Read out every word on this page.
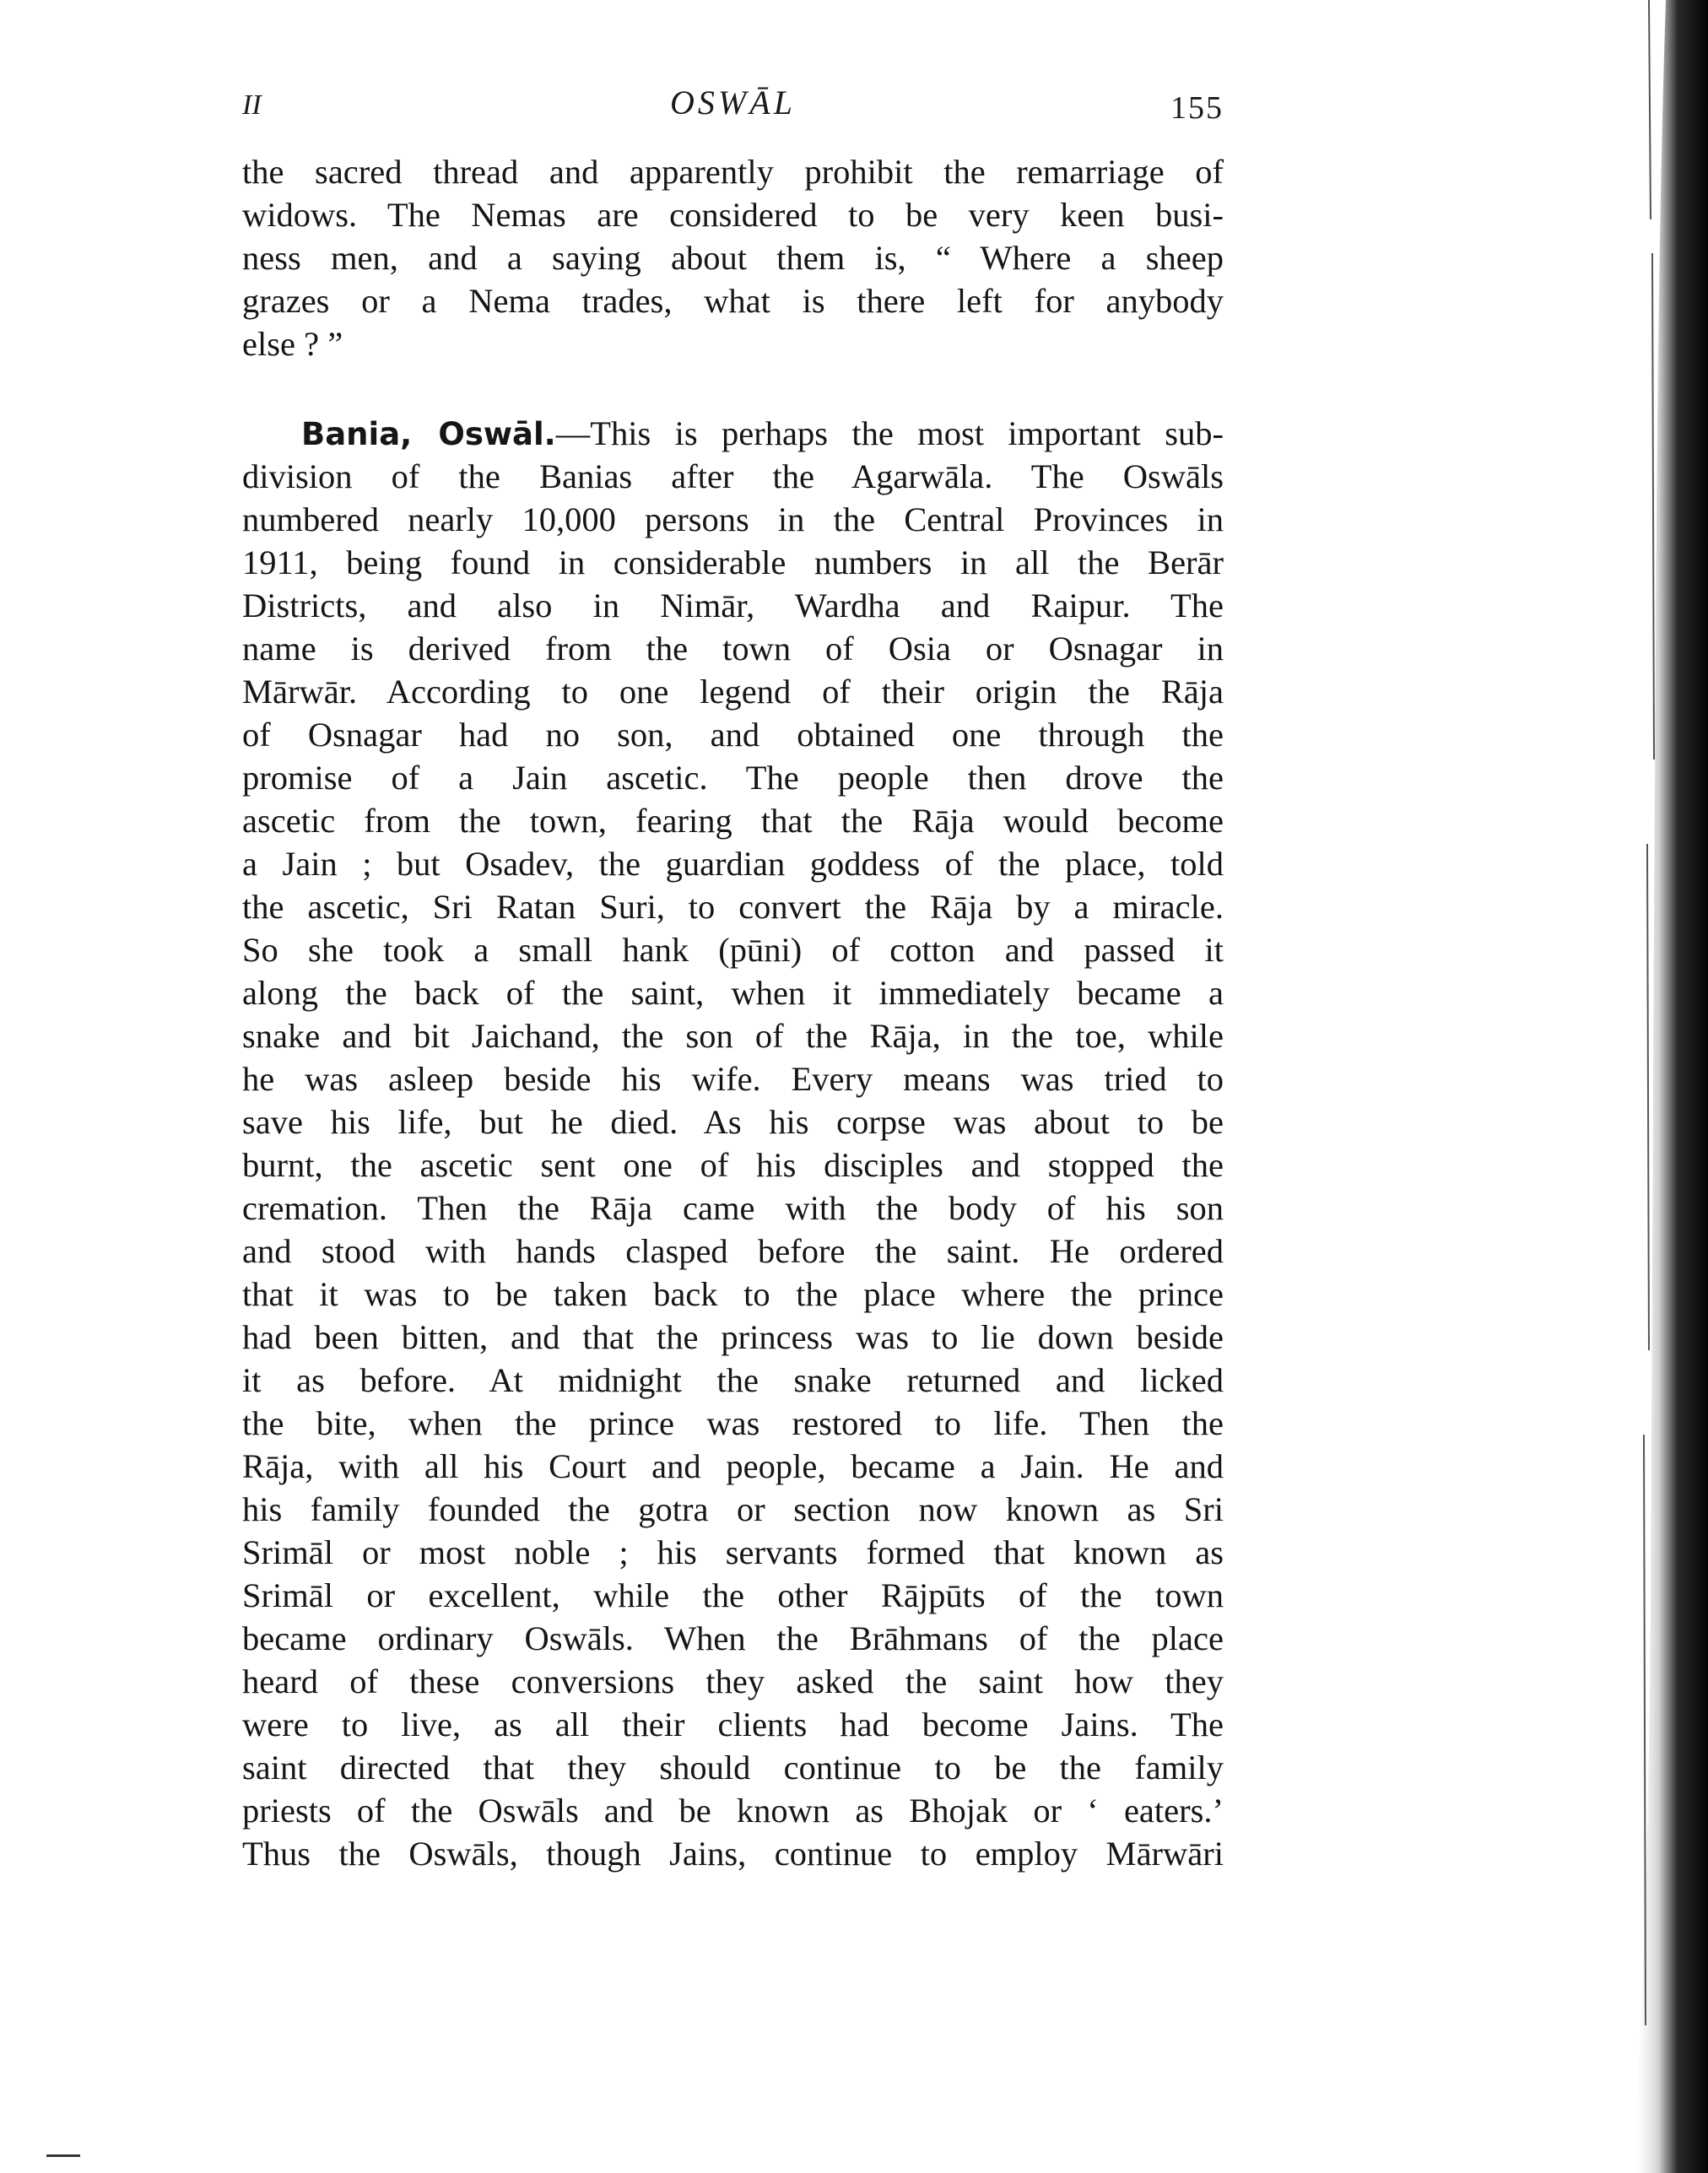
II	OSWĀL	155
the sacred thread and apparently prohibit the remarriage of
widows. The Nemas are considered to be very keen busi-
ness men, and a saying about them is, “ Where a sheep
grazes or a Nema trades, what is there left for anybody
else ? ”
Bania, Oswāl.—This is perhaps the most important sub-
division of the Banias after the Agarwāla. The Oswāls
numbered nearly 10,000 persons in the Central Provinces in
1911, being found in considerable numbers in all the Berār
Districts, and also in Nimār, Wardha and Raipur. The
name is derived from the town of Osia or Osnagar in
Mārwār. According to one legend of their origin the Rāja
of Osnagar had no son, and obtained one through the
promise of a Jain ascetic. The people then drove the
ascetic from the town, fearing that the Rāja would become
a Jain ; but Osadev, the guardian goddess of the place, told
the ascetic, Sri Ratan Suri, to convert the Rāja by a miracle.
So she took a small hank (pūni) of cotton and passed it
along the back of the saint, when it immediately became a
snake and bit Jaichand, the son of the Rāja, in the toe, while
he was asleep beside his wife. Every means was tried to
save his life, but he died. As his corpse was about to be
burnt, the ascetic sent one of his disciples and stopped the
cremation. Then the Rāja came with the body of his son
and stood with hands clasped before the saint. He ordered
that it was to be taken back to the place where the prince
had been bitten, and that the princess was to lie down beside
it as before. At midnight the snake returned and licked
the bite, when the prince was restored to life. Then the
Rāja, with all his Court and people, became a Jain. He and
his family founded the gotra or section now known as Sri
Srimāl or most noble ; his servants formed that known as
Srimāl or excellent, while the other Rājpūts of the town
became ordinary Oswāls. When the Brāhmans of the place
heard of these conversions they asked the saint how they
were to live, as all their clients had become Jains. The
saint directed that they should continue to be the family
priests of the Oswāls and be known as Bhojak or ‘ eaters.’
Thus the Oswāls, though Jains, continue to employ Mārwāri
